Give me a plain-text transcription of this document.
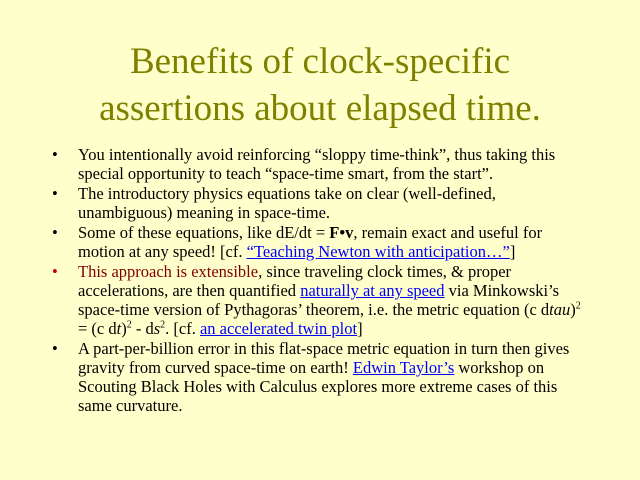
Benefits of clock-specific
assertions about elapsed time.
• You intentionally avoid reinforcing “sloppy time-think”, thus taking this special opportunity to teach “space-time smart, from the start”.
• The introductory physics equations take on clear (well-defined, unambiguous) meaning in space-time.
• Some of these equations, like dE/dt = F•v, remain exact and useful for motion at any speed! [cf. “Teaching Newton with anticipation…”]
• This approach is extensible, since traveling clock times, & proper accelerations, are then quantified naturally at any speed via Minkowski’s space-time version of Pythagoras’ theorem, i.e. the metric equation (c dtau)$^2$ = (c $dt)^2 - ds^2$. [cf. an accelerated twin plot]
• A part-per-billion error in this flat-space metric equation in turn then gives gravity from curved space-time on earth! Edwin Taylor’s workshop on Scouting Black Holes with Calculus explores more extreme cases of this same curvature.
